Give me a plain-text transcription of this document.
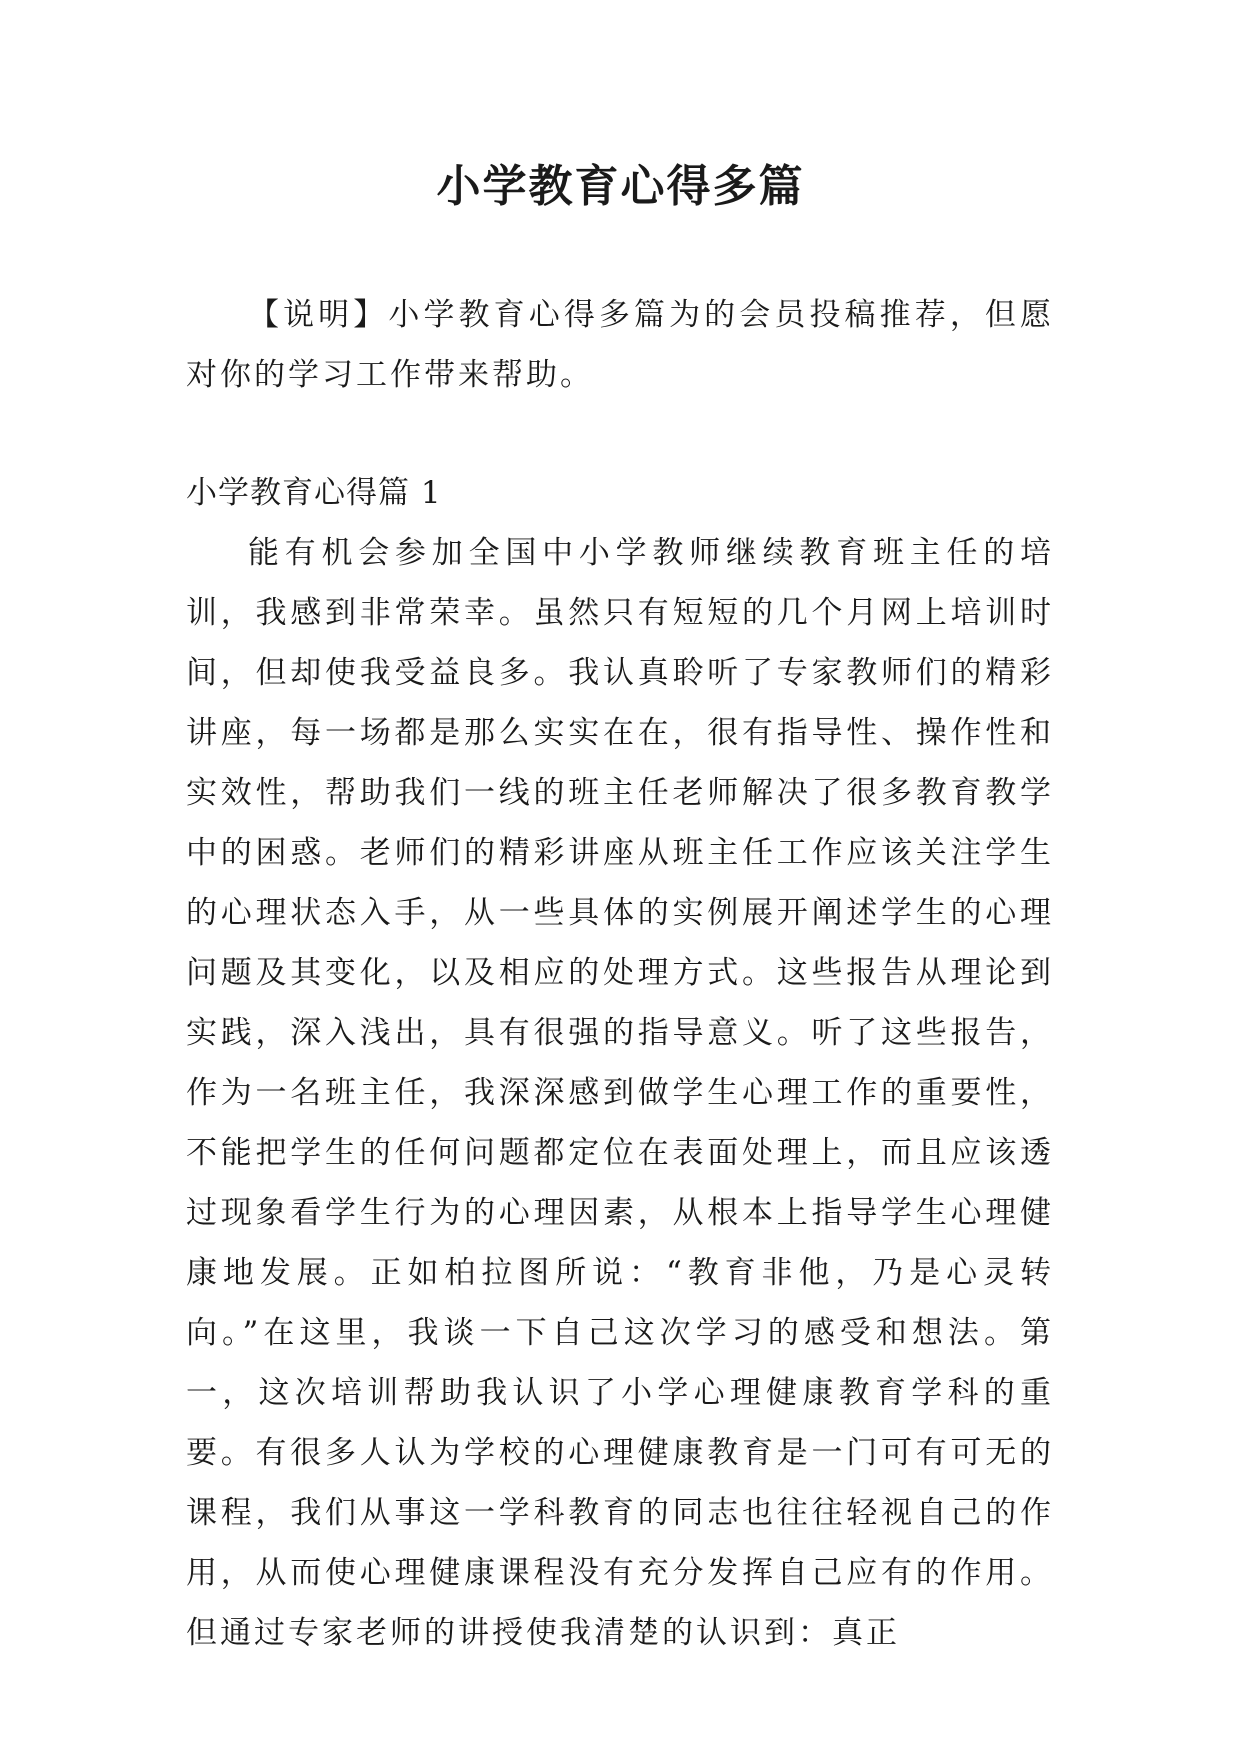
小学教育心得多篇

【说明】小学教育心得多篇为的会员投稿推荐，但愿对你的学习工作带来帮助。

小学教育心得篇 1

能有机会参加全国中小学教师继续教育班主任的培训，我感到非常荣幸。虽然只有短短的几个月网上培训时间，但却使我受益良多。我认真聆听了专家教师们的精彩讲座，每一场都是那么实实在在，很有指导性、操作性和实效性，帮助我们一线的班主任老师解决了很多教育教学中的困惑。老师们的精彩讲座从班主任工作应该关注学生的心理状态入手，从一些具体的实例展开阐述学生的心理问题及其变化，以及相应的处理方式。这些报告从理论到实践，深入浅出，具有很强的指导意义。听了这些报告，作为一名班主任，我深深感到做学生心理工作的重要性，不能把学生的任何问题都定位在表面处理上，而且应该透过现象看学生行为的心理因素，从根本上指导学生心理健康地发展。正如柏拉图所说：“教育非他，乃是心灵转向。”在这里，我谈一下自己这次学习的感受和想法。第一，这次培训帮助我认识了小学心理健康教育学科的重要。有很多人认为学校的心理健康教育是一门可有可无的课程，我们从事这一学科教育的同志也往往轻视自己的作用，从而使心理健康课程没有充分发挥自己应有的作用。但通过专家老师的讲授使我清楚的认识到：真正
